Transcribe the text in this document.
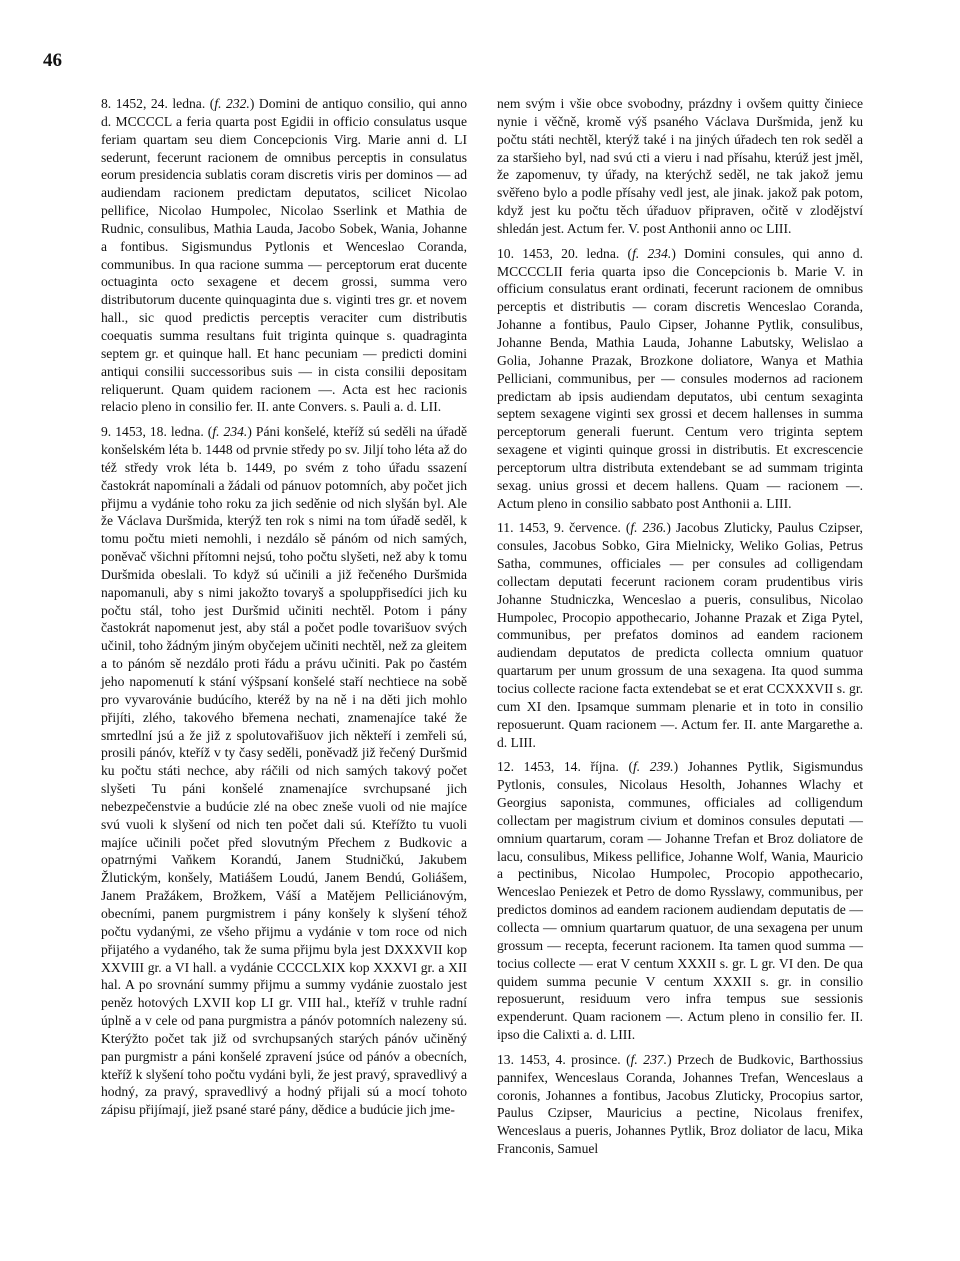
46

8. 1452, 24. ledna. (f. 232.) Domini de antiquo consilio, qui anno d. MCCCCL a feria quarta post Egidii in officio consulatus usque feriam quartam seu diem Concepcionis Virg. Marie anni d. LI sederunt, fecerunt racionem de omnibus perceptis in consulatus eorum presidencia sublatis coram discretis viris per dominos — ad audiendam racionem predictam deputatos, scilicet Nicolao pellifice, Nicolao Humpolec, Nicolao Sserlink et Mathia de Rudnic, consulibus, Mathia Lauda, Jacobo Sobek, Wania, Johanne a fontibus. Sigismundus Pytlonis et Wenceslao Coranda, communibus. In qua racione summa — perceptorum erat ducente octuaginta octo sexagene et decem grossi, summa vero distributorum ducente quinquaginta due s. viginti tres gr. et novem hall., sic quod predictis perceptis veraciter cum distributis coequatis summa resultans fuit triginta quinque s. quadraginta septem gr. et quinque hall. Et hanc pecuniam — predicti domini antiqui consilii successoribus suis — in cista consilii depositam reliquerunt. Quam quidem racionem —. Acta est hec racionis relacio pleno in consilio fer. II. ante Convers. s. Pauli a. d. LII.

9. 1453, 18. ledna. (f. 234.) Páni konšelé, kteříž sú seděli na úřadě konšelském léta b. 1448 od prvnie středy po sv. Jiljí toho léta až do též středy vrok léta b. 1449, po svém z toho úřadu ssazení častokrát napomínali a žádali od pánuov potomních, aby počet jich přijmu a vydánie toho roku za jich seděnie od nich slyšán byl. Ale že Václava Duršmida, kterýž ten rok s nimi na tom úřadě seděl, k tomu počtu mieti nemohli, i nezdálo sě pánóm od nich samých, poněvač všichni přítomni nejsú, toho počtu slyšeti, než aby k tomu Duršmida obeslali. To když sú učinili a již řečeného Duršmida napomanuli, aby s nimi jakožto tovaryš a spoluppřisedíci jich ku počtu stál, toho jest Duršmid učiniti nechtěl. Potom i pány častokrát napomenut jest, aby stál a počet podle tovarišuov svých učinil, toho žádným jiným obyčejem učiniti nechtěl, než za gleitem a to pánóm sě nezdálo proti řádu a právu učiniti. Pak po častém jeho napomenutí k stání výšpsaní konšelé staří nechtiece na sobě pro vyvarovánie budúcího, kteréž by na ně i na děti jich mohlo přijíti, zlého, takového břemena nechati, znamenajíce také že smrtedlní jsú a že již z spolutovařišuov jich někteří i zemřeli sú, prosili pánóv, kteříž v ty časy seděli, poněvadž již řečený Duršmid ku počtu státi nechce, aby ráčili od nich samých takový počet slyšeti Tu páni konšelé znamenajíce svrchupsané jich nebezpečenstvie a budúcie zlé na obec zneše vuoli od nie majíce svú vuoli k slyšení od nich ten počet dali sú. Kteřížto tu vuoli majíce učinili počet před slovutným Přechem z Budkovic a opatrnými Vaňkem Korandú, Janem Studničkú, Jakubem Žlutickým, konšely, Matiášem Loudú, Janem Bendú, Goliášem, Janem Pražákem, Brožkem, Váší a Matějem Pelliciánovým, obecními, panem purgmistrem i pány konšely k slyšení téhož počtu vydanými, ze všeho přijmu a vydánie v tom roce od nich přijatého a vydaného, tak že suma přijmu byla jest DXXXVII kop XXVIII gr. a VI hall. a vydánie CCCCLXIX kop XXXVI gr. a XII hal. A po srovnání summy přijmu a summy vydánie zuostalo jest peněz hotových LXVII kop LI gr. VIII hal., kteříž v truhle radní úplně a v cele od pana purgmistra a pánóv potomních nalezeny sú. Kterýžto počet tak již od svrchupsaných starých pánóv učiněný pan purgmistr a páni konšelé zpravení jsúce od pánóv a obecních, kteříž k slyšení toho počtu vydáni byli, že jest pravý, spravedlivý a hodný, za pravý, spravedlivý a hodný přijali sú a mocí tohoto zápisu přijímají, jiež psané staré pány, dědice a budúcie jich jme-

nem svým i všie obce svobodny, prázdny i ovšem quitty činiece nynie i věčně, kromě výš psaného Václava Duršmida, jenž ku počtu státi nechtěl, kterýž také i na jiných úřadech ten rok seděl a za staršieho byl, nad svú cti a vieru i nad přísahu, kterúž jest jměl, že zapomenuv, ty úřady, na kterýchž seděl, ne tak jakož jemu svěřeno bylo a podle přísahy vedl jest, ale jinak. jakož pak potom, když jest ku počtu těch úřaduov připraven, očitě v zlodějství shledán jest. Actum fer. V. post Anthonii anno oc LIII.

10. 1453, 20. ledna. (f. 234.) Domini consules, qui anno d. MCCCCLII feria quarta ipso die Concepcionis b. Marie V. in officium consulatus erant ordinati, fecerunt racionem de omnibus perceptis et distributis — coram discretis Wenceslao Coranda, Johanne a fontibus, Paulo Cipser, Johanne Pytlik, consulibus, Johanne Benda, Mathia Lauda, Johanne Labutsky, Welislao a Golia, Johanne Prazak, Brozkone doliatore, Wanya et Mathia Pelliciani, communibus, per — consules modernos ad racionem predictam ab ipsis audiendam deputatos, ubi centum sexaginta septem sexagene viginti sex grossi et decem hallenses in summa perceptorum generali fuerunt. Centum vero triginta septem sexagene et viginti quinque grossi in distributis. Et excrescencie perceptorum ultra distributa extendebant se ad summam triginta sexag. unius grossi et decem hallens. Quam — racionem —. Actum pleno in consilio sabbato post Anthonii a. LIII.

11. 1453, 9. července. (f. 236.) Jacobus Zluticky, Paulus Czipser, consules, Jacobus Sobko, Gira Mielnicky, Weliko Golias, Petrus Satha, communes, officiales — per consules ad colligendam collectam deputati fecerunt racionem coram prudentibus viris Johanne Studniczka, Wenceslao a pueris, consulibus, Nicolao Humpolec, Procopio appothecario, Johanne Prazak et Ziga Pytel, communibus, per prefatos dominos ad eandem racionem audiendam deputatos de predicta collecta omnium quatuor quartarum per unum grossum de una sexagena. Ita quod summa tocius collecte racione facta extendebat se et erat CCXXXVII s. gr. cum XI den. Ipsamque summam plenarie et in toto in consilio reposuerunt. Quam racionem —. Actum fer. II. ante Margarethe a. d. LIII.

12. 1453, 14. října. (f. 239.) Johannes Pytlik, Sigismundus Pytlonis, consules, Nicolaus Hesolth, Johannes Wlachy et Georgius saponista, communes, officiales ad colligendum collectam per magistrum civium et dominos consules deputati — omnium quartarum, coram — Johanne Trefan et Broz doliatore de lacu, consulibus, Mikess pellifice, Johanne Wolf, Wania, Mauricio a pectinibus, Nicolao Humpolec, Procopio appothecario, Wenceslao Peniezek et Petro de domo Rysslawy, communibus, per predictos dominos ad eandem racionem audiendam deputatis de — collecta — omnium quartarum quatuor, de una sexagena per unum grossum — recepta, fecerunt racionem. Ita tamen quod summa — tocius collecte — erat V centum XXXII s. gr. L gr. VI den. De qua quidem summa pecunie V centum XXXII s. gr. in consilio reposuerunt, residuum vero infra tempus sue sessionis expenderunt. Quam racionem —. Actum pleno in consilio fer. II. ipso die Calixti a. d. LIII.

13. 1453, 4. prosince. (f. 237.) Przech de Budkovic, Barthossius pannifex, Wenceslaus Coranda, Johannes Trefan, Wenceslaus a coronis, Johannes a fontibus, Jacobus Zluticky, Procopius sartor, Paulus Czipser, Mauricius a pectine, Nicolaus frenifex, Wenceslaus a pueris, Johannes Pytlik, Broz doliator de lacu, Mika Franconis, Samuel
